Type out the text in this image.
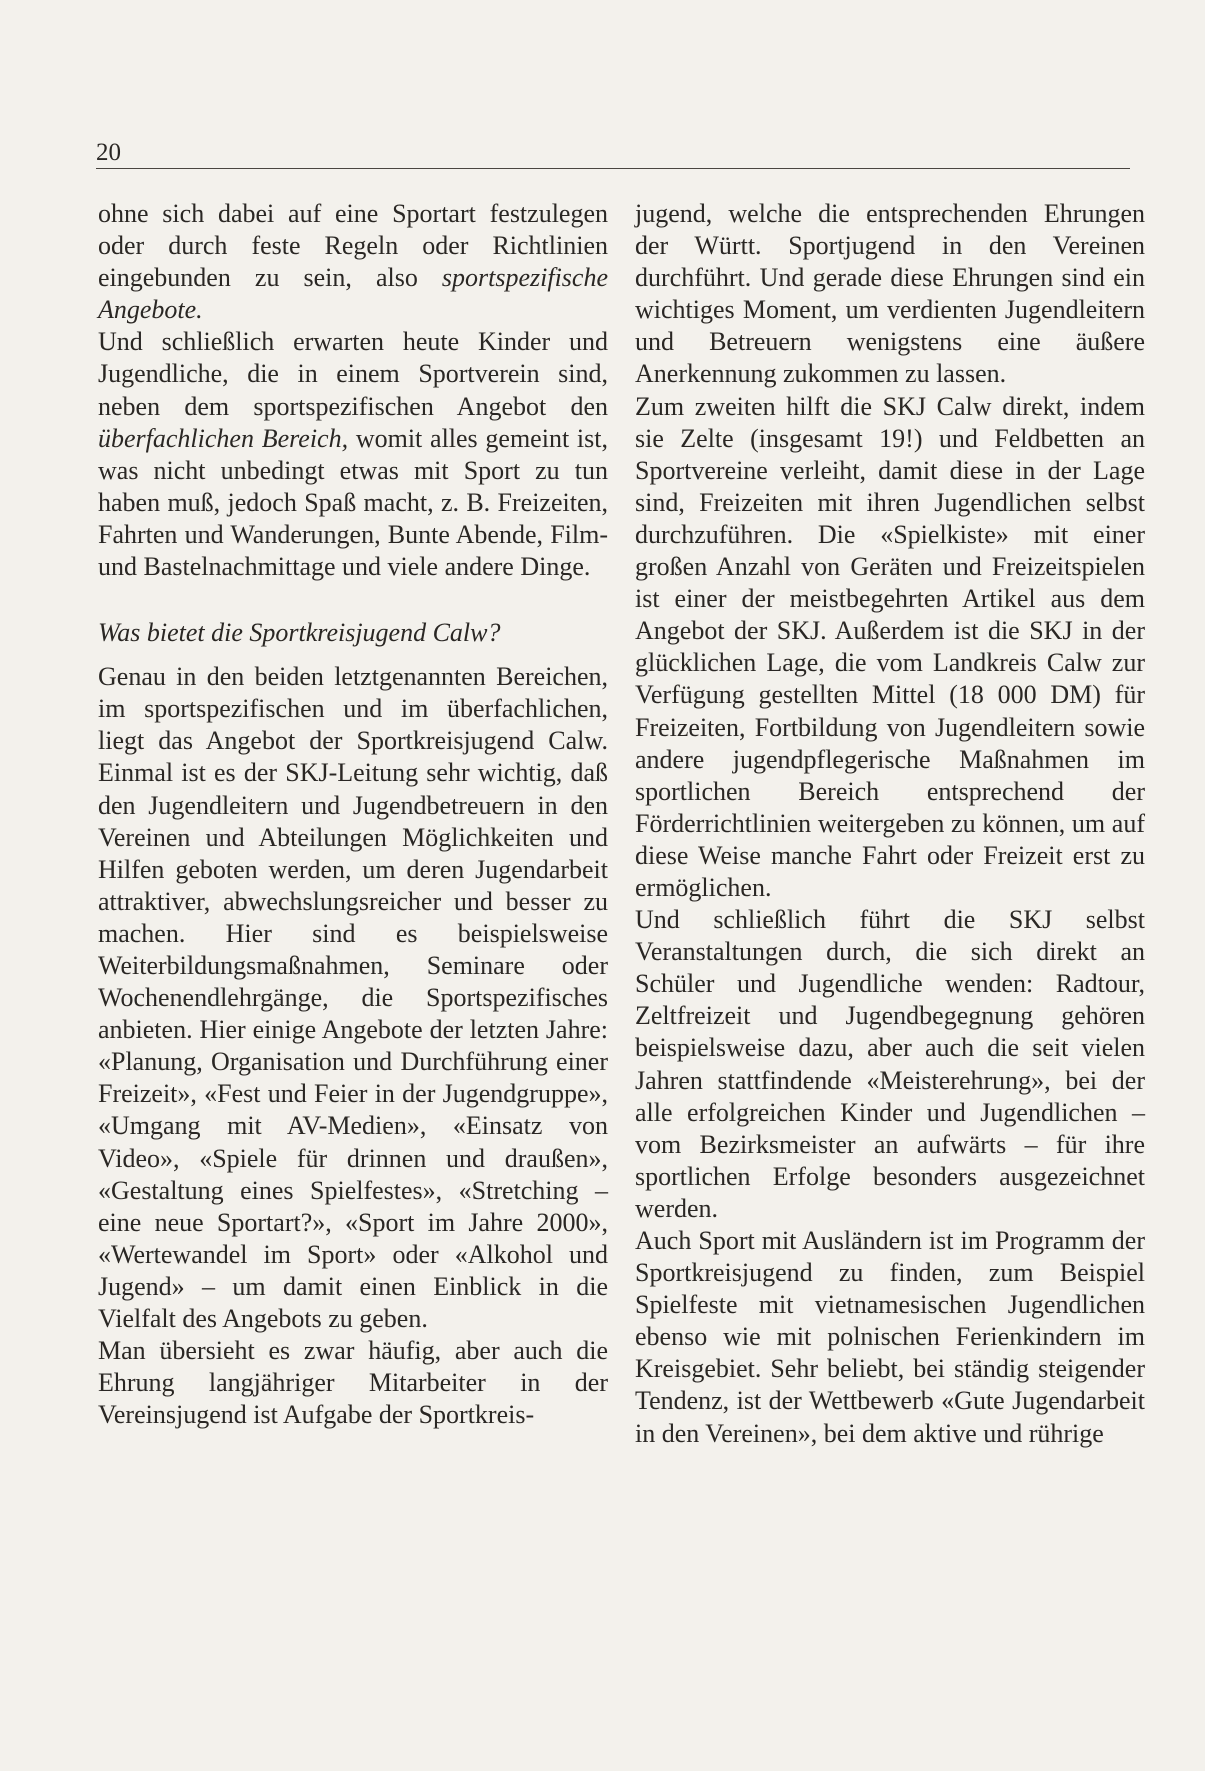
20

ohne sich dabei auf eine Sportart festzulegen oder durch feste Regeln oder Richtlinien eingebunden zu sein, also sportspezifische Angebote.

Und schließlich erwarten heute Kinder und Jugendliche, die in einem Sportverein sind, neben dem sportspezifischen Angebot den überfachlichen Bereich, womit alles gemeint ist, was nicht unbedingt etwas mit Sport zu tun haben muß, jedoch Spaß macht, z. B. Freizeiten, Fahrten und Wanderungen, Bunte Abende, Film- und Bastelnachmittage und viele andere Dinge.

Was bietet die Sportkreisjugend Calw?

Genau in den beiden letztgenannten Bereichen, im sportspezifischen und im überfachlichen, liegt das Angebot der Sportkreisjugend Calw. Einmal ist es der SKJ-Leitung sehr wichtig, daß den Jugendleitern und Jugendbetreuern in den Vereinen und Abteilungen Möglichkeiten und Hilfen geboten werden, um deren Jugendarbeit attraktiver, abwechslungsreicher und besser zu machen. Hier sind es beispielsweise Weiterbildungsmaßnahmen, Seminare oder Wochenendlehrgänge, die Sportspezifisches anbieten. Hier einige Angebote der letzten Jahre: «Planung, Organisation und Durchführung einer Freizeit», «Fest und Feier in der Jugendgruppe», «Umgang mit AV-Medien», «Einsatz von Video», «Spiele für drinnen und draußen», «Gestaltung eines Spielfestes», «Stretching – eine neue Sportart?», «Sport im Jahre 2000», «Wertewandel im Sport» oder «Alkohol und Jugend» – um damit einen Einblick in die Vielfalt des Angebots zu geben.

Man übersieht es zwar häufig, aber auch die Ehrung langjähriger Mitarbeiter in der Vereinsjugend ist Aufgabe der Sportkreis-

jugend, welche die entsprechenden Ehrungen der Württ. Sportjugend in den Vereinen durchführt. Und gerade diese Ehrungen sind ein wichtiges Moment, um verdienten Jugendleitern und Betreuern wenigstens eine äußere Anerkennung zukommen zu lassen.

Zum zweiten hilft die SKJ Calw direkt, indem sie Zelte (insgesamt 19!) und Feldbetten an Sportvereine verleiht, damit diese in der Lage sind, Freizeiten mit ihren Jugendlichen selbst durchzuführen. Die «Spielkiste» mit einer großen Anzahl von Geräten und Freizeitspielen ist einer der meistbegehrten Artikel aus dem Angebot der SKJ. Außerdem ist die SKJ in der glücklichen Lage, die vom Landkreis Calw zur Verfügung gestellten Mittel (18 000 DM) für Freizeiten, Fortbildung von Jugendleitern sowie andere jugendpflegerische Maßnahmen im sportlichen Bereich entsprechend der Förderrichtlinien weitergeben zu können, um auf diese Weise manche Fahrt oder Freizeit erst zu ermöglichen.

Und schließlich führt die SKJ selbst Veranstaltungen durch, die sich direkt an Schüler und Jugendliche wenden: Radtour, Zeltfreizeit und Jugendbegegnung gehören beispielsweise dazu, aber auch die seit vielen Jahren stattfindende «Meisterehrung», bei der alle erfolgreichen Kinder und Jugendlichen – vom Bezirksmeister an aufwärts – für ihre sportlichen Erfolge besonders ausgezeichnet werden.

Auch Sport mit Ausländern ist im Programm der Sportkreisjugend zu finden, zum Beispiel Spielfeste mit vietnamesischen Jugendlichen ebenso wie mit polnischen Ferienkindern im Kreisgebiet. Sehr beliebt, bei ständig steigender Tendenz, ist der Wettbewerb «Gute Jugendarbeit in den Vereinen», bei dem aktive und rührige
